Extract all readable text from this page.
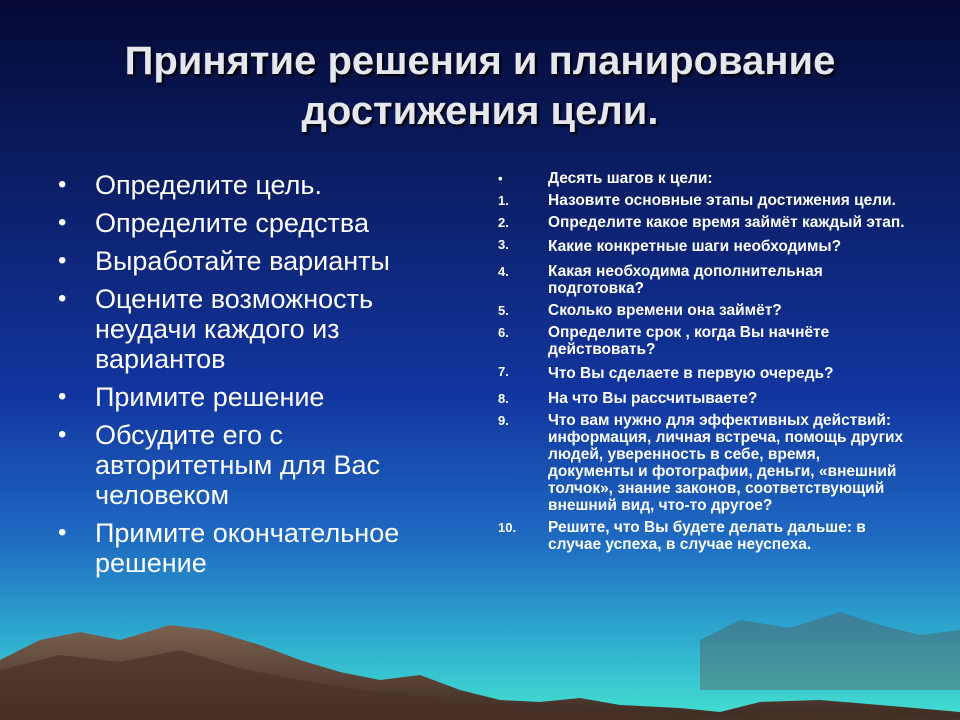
Принятие решения и планирование
достижения цели.
• Определите цель.
• Определите средства
• Выработайте варианты
• Оцените возможность неудачи каждого из вариантов
• Примите решение
• Обсудите его с авторитетным для Вас человеком
• Примите окончательное решение
•	Десять шагов к цели:
1.	Назовите основные этапы достижения цели.
2.	Определите какое время займёт каждый этап.
3.	Какие конкретные шаги необходимы?
4.	Какая необходима дополнительная подготовка?
5.	Сколько времени она займёт?
6.	Определите срок , когда Вы начнёте действовать?
7.	Что Вы сделаете в первую очередь?
8.	На что Вы рассчитываете?
9.	Что вам нужно для эффективных действий: информация, личная встреча, помощь других людей, уверенность в себе, время, документы и фотографии, деньги, «внешний толчок», знание законов, соответствующий внешний вид, что-то другое?
10. Решите, что Вы будете делать дальше: в случае успеха, в случае неуспеха.
